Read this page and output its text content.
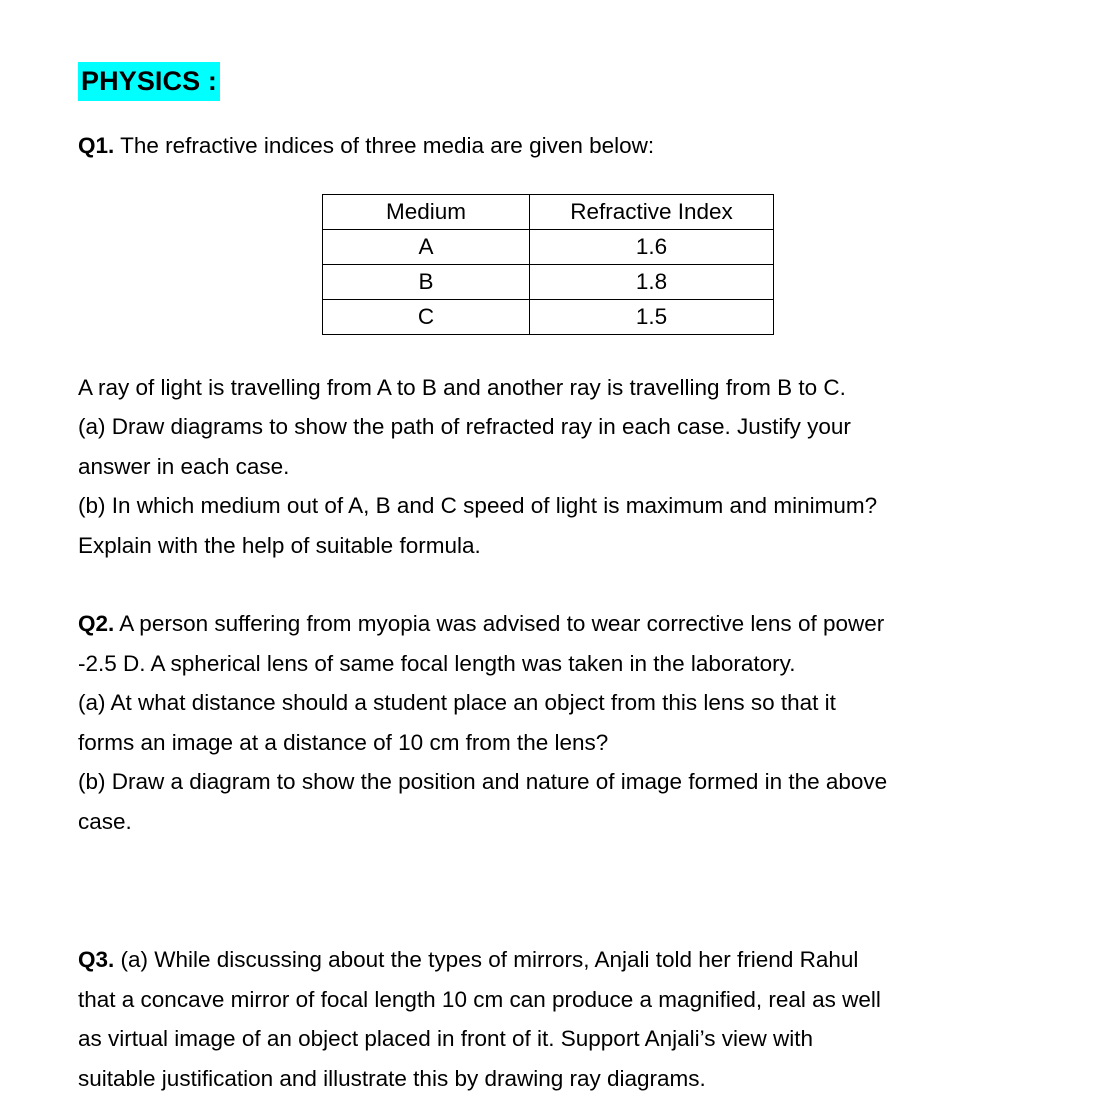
PHYSICS :
Q1. The refractive indices of three media are given below:
Medium	Refractive Index
A	1.6
B	1.8
C	1.5
A ray of light is travelling from A to B and another ray is travelling from B to C.
(a) Draw diagrams to show the path of refracted ray in each case. Justify your
answer in each case.
(b) In which medium out of A, B and C speed of light is maximum and minimum?
Explain with the help of suitable formula.
Q2. A person suffering from myopia was advised to wear corrective lens of power
-2.5 D. A spherical lens of same focal length was taken in the laboratory.
(a) At what distance should a student place an object from this lens so that it
forms an image at a distance of 10 cm from the lens?
(b) Draw a diagram to show the position and nature of image formed in the above
case.
Q3. (a) While discussing about the types of mirrors, Anjali told her friend Rahul
that a concave mirror of focal length 10 cm can produce a magnified, real as well
as virtual image of an object placed in front of it. Support Anjali’s view with
suitable justification and illustrate this by drawing ray diagrams.
